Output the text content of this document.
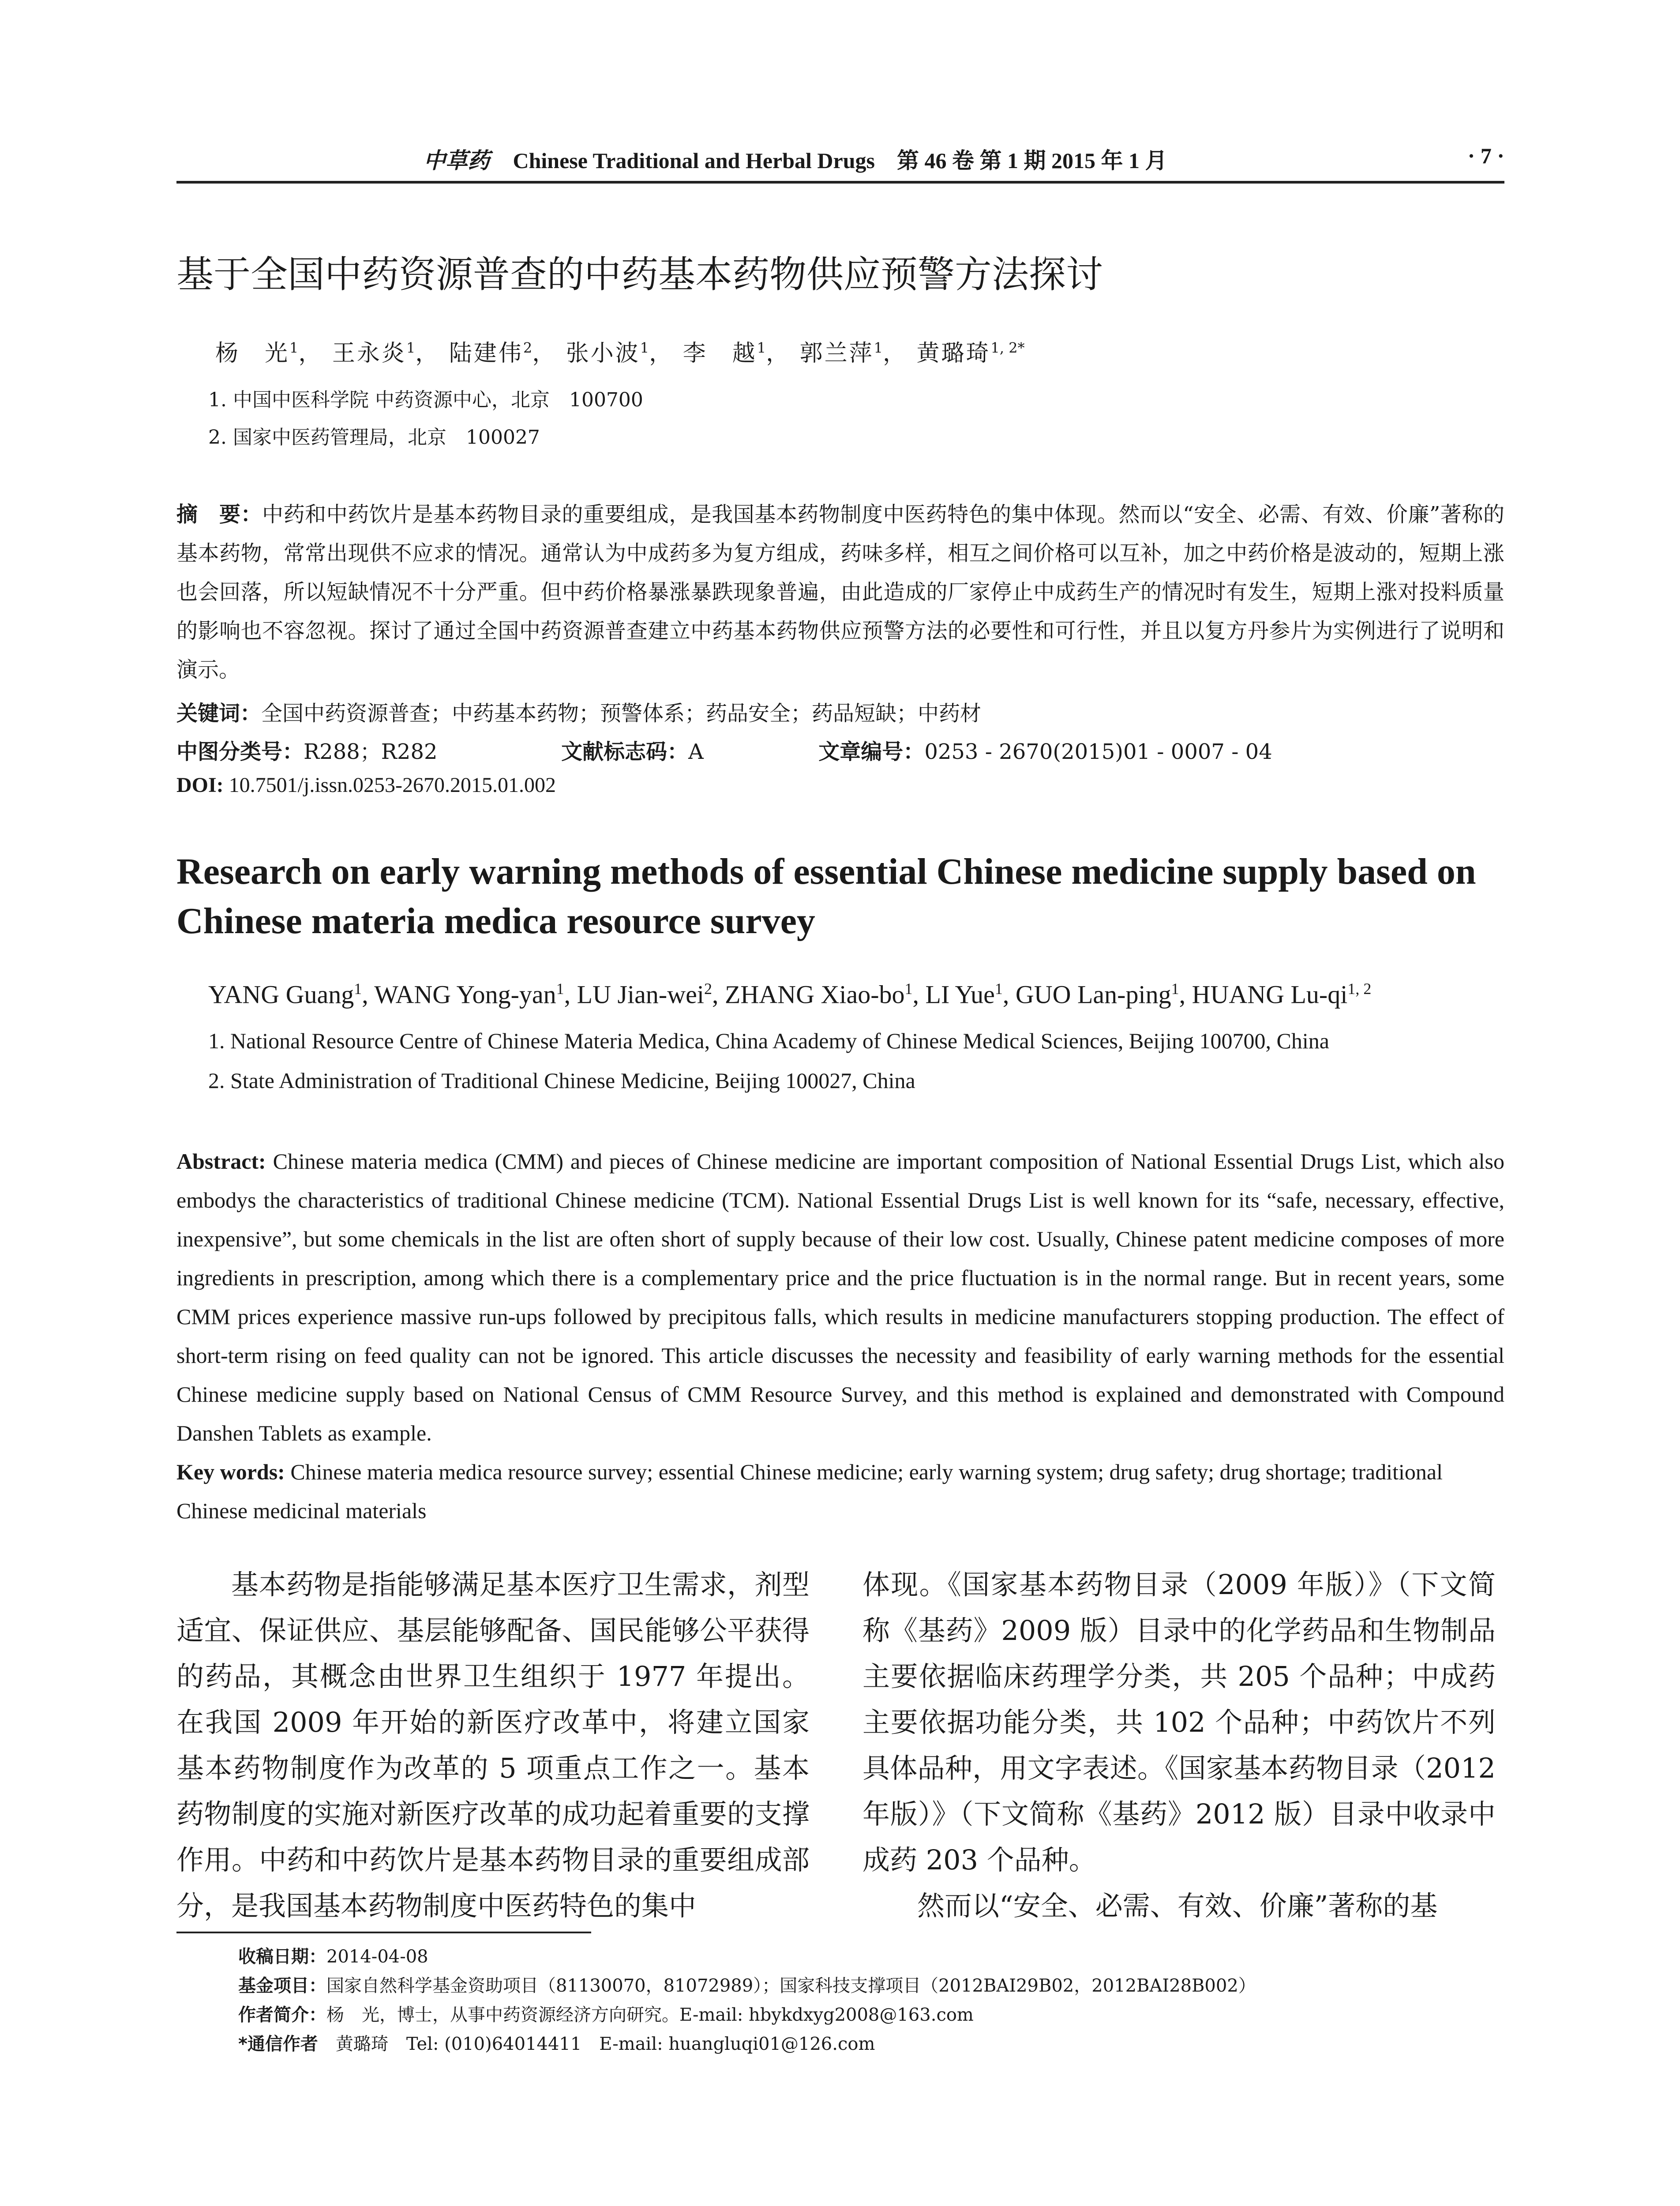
中草药 Chinese Traditional and Herbal Drugs　第 46 卷 第 1 期 2015 年 1 月	· 7 ·
基于全国中药资源普查的中药基本药物供应预警方法探讨
杨　光$^1$， 王永炎$^1$， 陆建伟$^2$， 张小波$^1$， 李　越$^1$， 郭兰萍$^1$， 黄璐琦$^{1, 2*}$
1. 中国中医科学院 中药资源中心，北京　100700
2. 国家中医药管理局，北京　100027

摘　要：中药和中药饮片是基本药物目录的重要组成，是我国基本药物制度中医药特色的集中体现。然而以“安全、必需、有效、价廉”著称的基本药物，常常出现供不应求的情况。通常认为中成药多为复方组成，药味多样，相互之间价格可以互补，加之中药价格是波动的，短期上涨也会回落，所以短缺情况不十分严重。但中药价格暴涨暴跌现象普遍，由此造成的厂家停止中成药生产的情况时有发生，短期上涨对投料质量的影响也不容忽视。探讨了通过全国中药资源普查建立中药基本药物供应预警方法的必要性和可行性，并且以复方丹参片为实例进行了说明和演示。

关键词：全国中药资源普查；中药基本药物；预警体系；药品安全；药品短缺；中药材
中图分类号：R288；R282	文献标志码：A	文章编号：0253 - 2670(2015)01 - 0007 - 04
DOI: 10.7501/j.issn.0253-2670.2015.01.002
Research on early warning methods of essential Chinese medicine supply based on Chinese materia medica resource survey
YANG Guang$^1$, WANG Yong-yan$^1$, LU Jian-wei$^2$, ZHANG Xiao-$bo^1$, LI Yue$^1$, GUO Lan-ping$^1$, HUANG Lu-qi$^{1, 2}$
1. National Resource Centre of Chinese Materia Medica, China Academy of Chinese Medical Sciences, Beijing 100700, China
2. State Administration of Traditional Chinese Medicine, Beijing 100027, China

Abstract: Chinese materia medica (CMM) and pieces of Chinese medicine are important composition of National Essential Drugs List, which also embodys the characteristics of traditional Chinese medicine (TCM). National Essential Drugs List is well known for its “safe, necessary, effective, inexpensive”, but some chemicals in the list are often short of supply because of their low cost. Usually, Chinese patent medicine composes of more ingredients in prescription, among which there is a complementary price and the price fluctuation is in the normal range. But in recent years, some CMM prices experience massive run-ups followed by precipitous falls, which results in medicine manufacturers stopping production. The effect of short-term rising on feed quality can not be ignored. This article discusses the necessity and feasibility of early warning methods for the essential Chinese medicine supply based on National Census of CMM Resource Survey, and this method is explained and demonstrated with Compound Danshen Tablets as example.

Key words: Chinese materia medica resource survey; essential Chinese medicine; early warning system; drug safety; drug shortage; traditional Chinese medicinal materials

基本药物是指能够满足基本医疗卫生需求，剂型适宜、保证供应、基层能够配备、国民能够公平获得的药品，其概念由世界卫生组织于 1977 年提出。在我国 2009 年开始的新医疗改革中，将建立国家基本药物制度作为改革的 5 项重点工作之一。基本药物制度的实施对新医疗改革的成功起着重要的支撑作用。中药和中药饮片是基本药物目录的重要组成部分，是我国基本药物制度中医药特色的集中

体现。《国家基本药物目录（2009 年版）》（下文简称《基药》2009 版）目录中的化学药品和生物制品主要依据临床药理学分类，共 205 个品种；中成药主要依据功能分类，共 102 个品种；中药饮片不列具体品种，用文字表述。《国家基本药物目录（2012 年版）》（下文简称《基药》2012 版）目录中收录中成药 203 个品种。

然而以“安全、必需、有效、价廉”著称的基

收稿日期：2014-04-08
基金项目：国家自然科学基金资助项目（81130070，81072989）；国家科技支撑项目（2012BAI29B02，2012BAI28B002）
作者简介：杨　光，博士，从事中药资源经济方向研究。E-mail: hbykdxyg2008@163.com
*通信作者　黄璐琦　Tel: (010)64014411　E-mail: huangluqi01@126.com
